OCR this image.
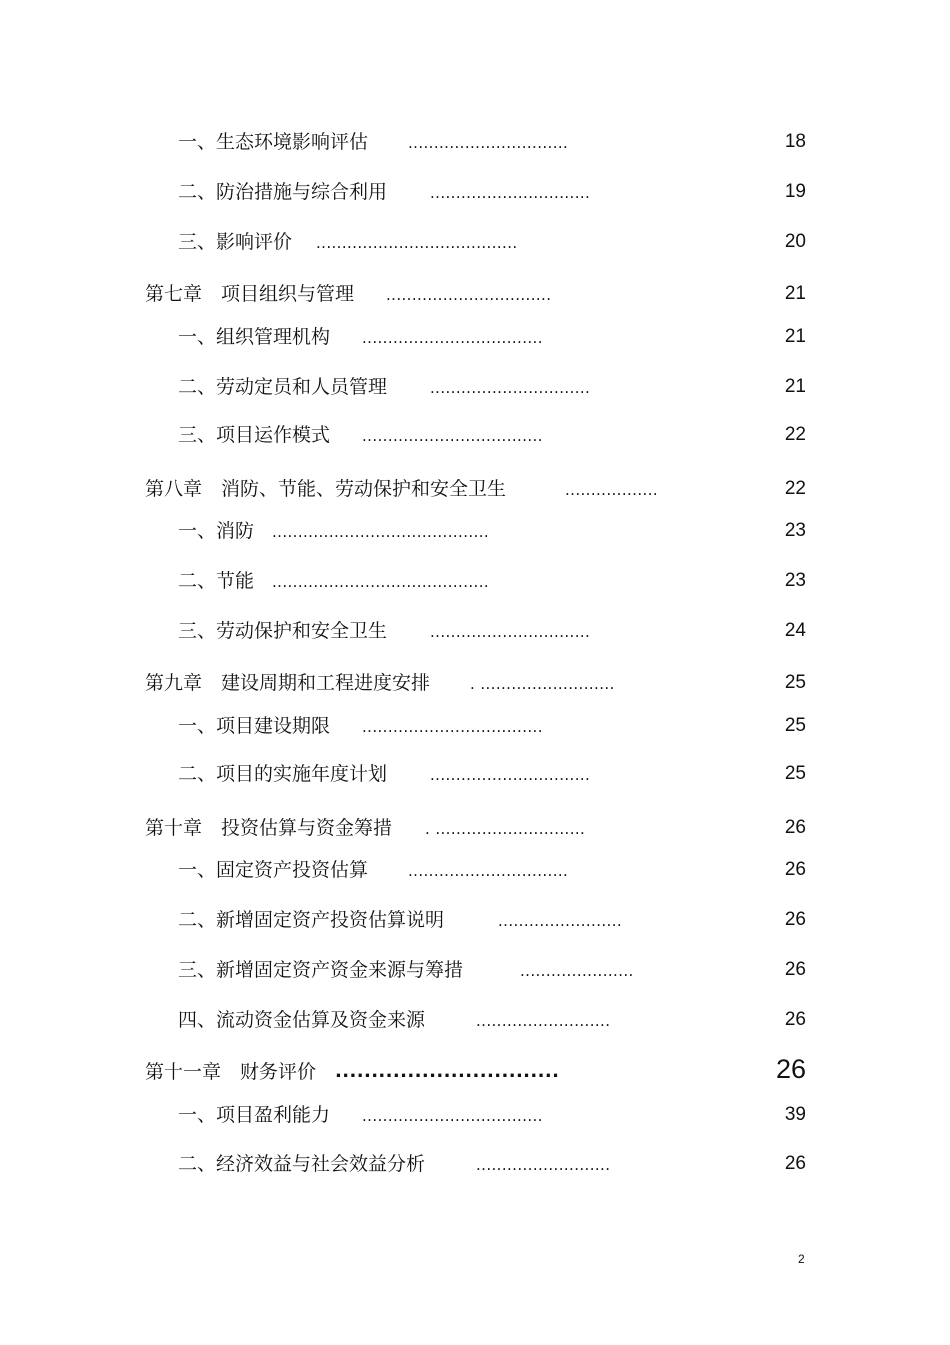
一、生态环境影响评估	...............................	18
二、防治措施与综合利用	...............................	19
三、影响评价 .......................................	20
第七章　项目组织与管理 ................................	21
一、组织管理机构 ...................................	21
二、劳动定员和人员管理	...............................	21
三、项目运作模式 ...................................	22
第八章　消防、节能、劳动保护和安全卫生	..................	22
一、消防 ..........................................	23
二、节能 ..........................................	23
三、劳动保护和安全卫生	...............................	24
第九章　建设周期和工程进度安排	. ..........................	25
一、项目建设期限 ...................................	25
二、项目的实施年度计划	...............................	25
第十章　投资估算与资金筹措 . .............................	26
一、固定资产投资估算	...............................	26
二、新增固定资产投资估算说明	........................	26
三、新增固定资产资金来源与筹措	......................	26
四、流动资金估算及资金来源	..........................	26
第十一章　财务评价 ...............................	26
一、项目盈利能力 ...................................	39
二、经济效益与社会效益分析	..........................	26
2
